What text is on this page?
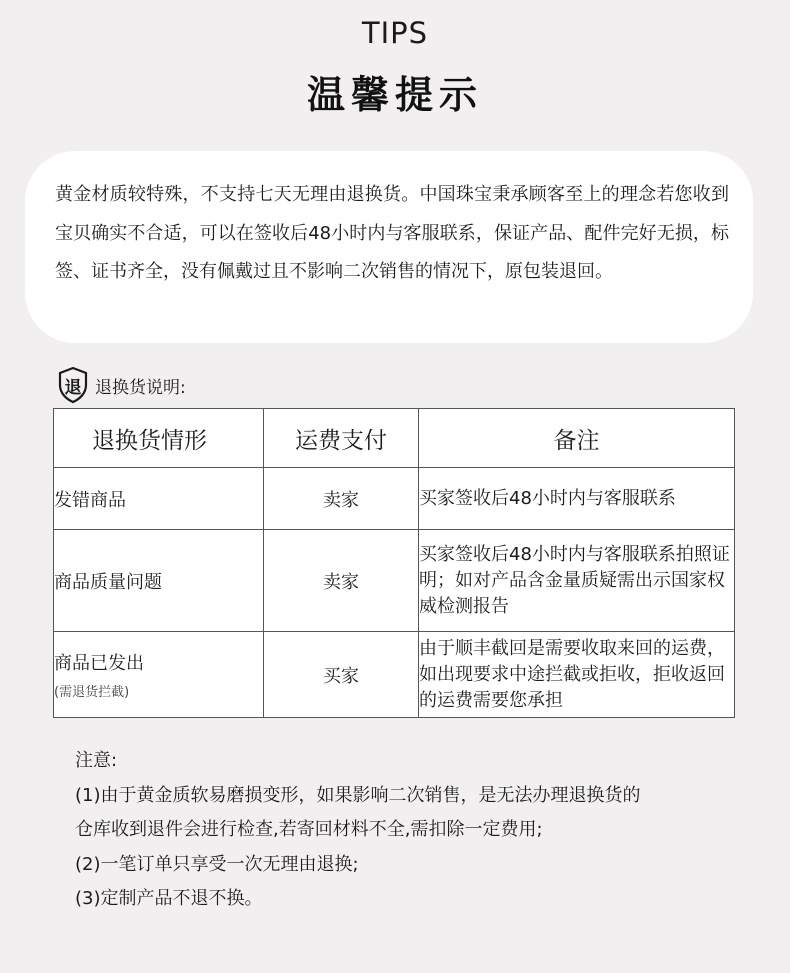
TIPS
温馨提示

黄金材质较特殊，不支持七天无理由退换货。中国珠宝秉承顾客至上的理念若您收到宝贝确实不合适，可以在签收后48小时内与客服联系，保证产品、配件完好无损，标签、证书齐全，没有佩戴过且不影响二次销售的情况下，原包装退回。

退 退换货说明:
退换货情形	运费支付	备注
发错商品	卖家	买家签收后48小时内与客服联系
商品质量问题	卖家	买家签收后48小时内与客服联系拍照证明；如对产品含金量质疑需出示国家权威检测报告
商品已发出
(需退货拦截)	买家	由于顺丰截回是需要收取来回的运费，如出现要求中途拦截或拒收，拒收返回的运费需要您承担
注意:
(1)由于黄金质软易磨损变形，如果影响二次销售，是无法办理退换货的
仓库收到退件会进行检查,若寄回材料不全,需扣除一定费用;
(2)一笔订单只享受一次无理由退换;
(3)定制产品不退不换。
